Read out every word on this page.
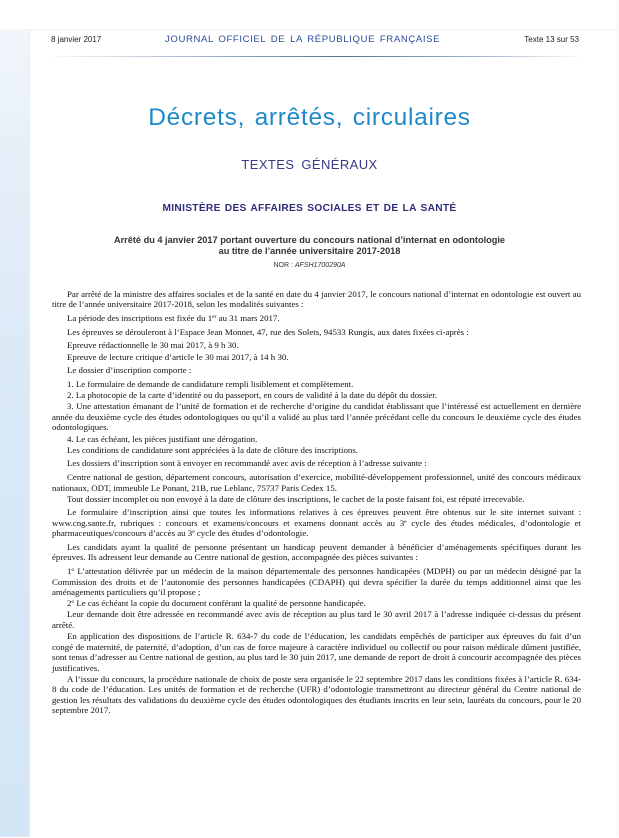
8 janvier 2017	JOURNAL OFFICIEL DE LA RÉPUBLIQUE FRANÇAISE	Texte 13 sur 53
Décrets, arrêtés, circulaires
TEXTES GÉNÉRAUX
MINISTÈRE DES AFFAIRES SOCIALES ET DE LA SANTÉ
Arrêté du 4 janvier 2017 portant ouverture du concours national d’internat en odontologie
au titre de l’année universitaire 2017-2018
NOR : AFSH1700290A

Par arrêté de la ministre des affaires sociales et de la santé en date du 4 janvier 2017, le concours national d’internat en odontologie est ouvert au titre de l’année universitaire 2017-2018, selon les modalités suivantes :

La période des inscriptions est fixée du 1er au 31 mars 2017.

Les épreuves se dérouleront à l’Espace Jean Monnet, 47, rue des Solets, 94533 Rungis, aux dates fixées ci-après :

Epreuve rédactionnelle le 30 mai 2017, à 9 h 30.

Epreuve de lecture critique d’article le 30 mai 2017, à 14 h 30.

Le dossier d’inscription comporte :

1. Le formulaire de demande de candidature rempli lisiblement et complètement.

2. La photocopie de la carte d’identité ou du passeport, en cours de validité à la date du dépôt du dossier.

3. Une attestation émanant de l’unité de formation et de recherche d’origine du candidat établissant que l’intéressé est actuellement en dernière année du deuxième cycle des études odontologiques ou qu’il a validé au plus tard l’année précédant celle du concours le deuxième cycle des études odontologiques.

4. Le cas échéant, les pièces justifiant une dérogation.

Les conditions de candidature sont appréciées à la date de clôture des inscriptions.

Les dossiers d’inscription sont à envoyer en recommandé avec avis de réception à l’adresse suivante :

Centre national de gestion, département concours, autorisation d’exercice, mobilité-développement professionnel, unité des concours médicaux nationaux, ODT, immeuble Le Ponant, 21B, rue Leblanc, 75737 Paris Cedex 15.

Tout dossier incomplet ou non envoyé à la date de clôture des inscriptions, le cachet de la poste faisant foi, est réputé irrecevable.

Le formulaire d’inscription ainsi que toutes les informations relatives à ces épreuves peuvent être obtenus sur le site internet suivant : www.cng.sante.fr, rubriques : concours et examens/concours et examens donnant accès au 3e cycle des études médicales, d’odontologie et pharmaceutiques/concours d’accès au 3e cycle des études d’odontologie.

Les candidats ayant la qualité de personne présentant un handicap peuvent demander à bénéficier d’aménagements spécifiques durant les épreuves. Ils adressent leur demande au Centre national de gestion, accompagnée des pièces suivantes :

1$^o$ L’attestation délivrée par un médecin de la maison départementale des personnes handicapées (MDPH) ou par un médecin désigné par la Commission des droits et de l’autonomie des personnes handicapées (CDAPH) qui devra spécifier la durée du temps additionnel ainsi que les aménagements particuliers qu’il propose ;

2$^o$ Le cas échéant la copie du document conférant la qualité de personne handicapée.

Leur demande doit être adressée en recommandé avec avis de réception au plus tard le 30 avril 2017 à l’adresse indiquée ci-dessus du présent arrêté.

En application des dispositions de l’article R. 634-7 du code de l’éducation, les candidats empêchés de participer aux épreuves du fait d’un congé de maternité, de paternité, d’adoption, d’un cas de force majeure à caractère individuel ou collectif ou pour raison médicale dûment justifiée, sont tenus d’adresser au Centre national de gestion, au plus tard le 30 juin 2017, une demande de report de droit à concourir accompagnée des pièces justificatives.

A l’issue du concours, la procédure nationale de choix de poste sera organisée le 22 septembre 2017 dans les conditions fixées à l’article R. 634-8 du code de l’éducation. Les unités de formation et de recherche (UFR) d’odontologie transmettront au directeur général du Centre national de gestion les résultats des validations du deuxième cycle des études odontologiques des étudiants inscrits en leur sein, lauréats du concours, pour le 20 septembre 2017.
